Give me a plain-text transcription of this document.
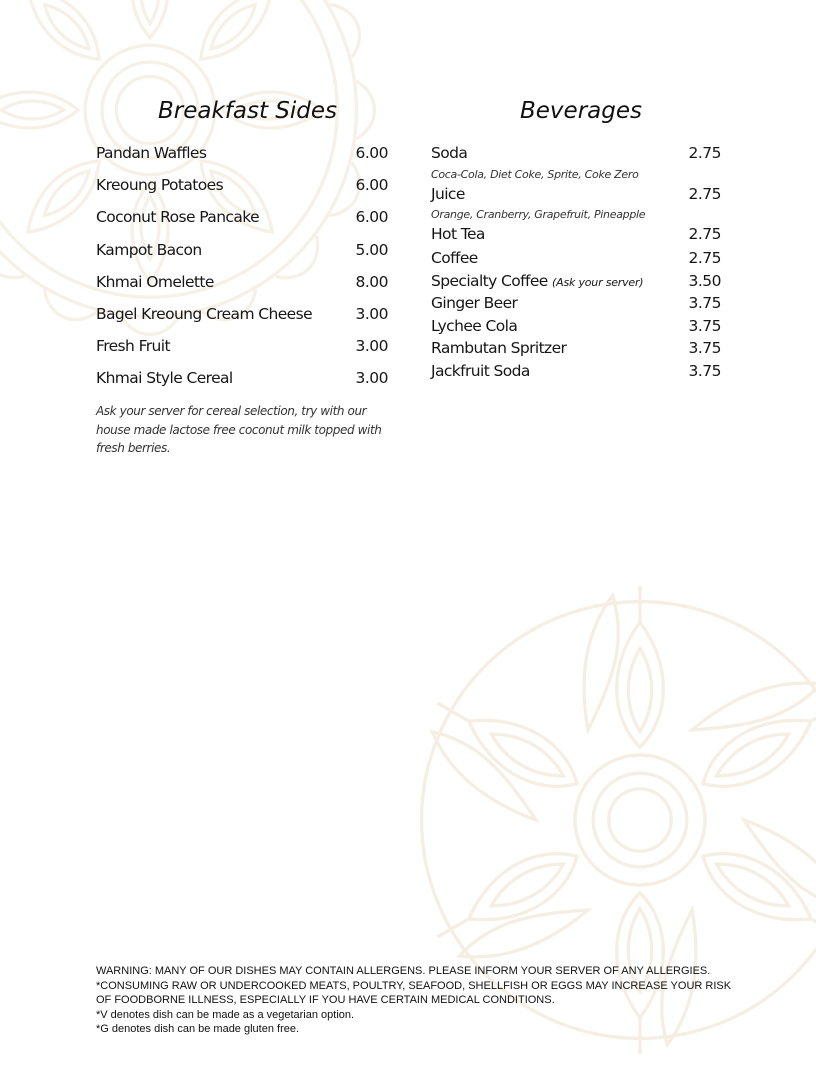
Breakfast Sides	Beverages
Pandan Waffles	6.00
Kreoung Potatoes	6.00
Coconut Rose Pancake	6.00
Kampot Bacon	5.00
Khmai Omelette	8.00
Bagel Kreoung Cream Cheese	3.00
Fresh Fruit	3.00
Khmai Style Cereal	3.00
Ask your server for cereal selection, try with our house made lactose free coconut milk topped with fresh berries.
Soda	2.75
Coca-Cola, Diet Coke, Sprite, Coke Zero
Juice	2.75
Orange, Cranberry, Grapefruit, Pineapple
Hot Tea	2.75
Coffee	2.75
Specialty Coffee (Ask your server)	3.50
Ginger Beer	3.75
Lychee Cola	3.75
Rambutan Spritzer	3.75
Jackfruit Soda	3.75
WARNING: MANY OF OUR DISHES MAY CONTAIN ALLERGENS. PLEASE INFORM YOUR SERVER OF ANY ALLERGIES.
*CONSUMING RAW OR UNDERCOOKED MEATS, POULTRY, SEAFOOD, SHELLFISH OR EGGS MAY INCREASE YOUR RISK
OF FOODBORNE ILLNESS, ESPECIALLY IF YOU HAVE CERTAIN MEDICAL CONDITIONS.
*V denotes dish can be made as a vegetarian option.
*G denotes dish can be made gluten free.
